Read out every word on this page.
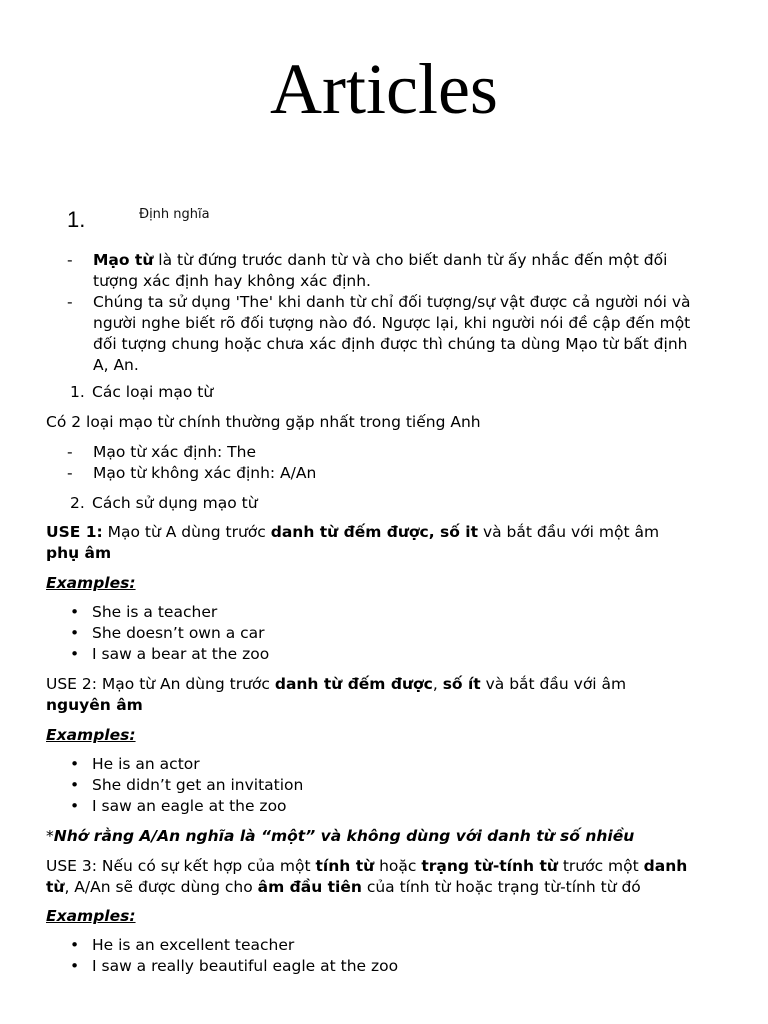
Articles
1.	Định nghĩa
-	Mạo từ là từ đứng trước danh từ và cho biết danh từ ấy nhắc đến một đối
tượng xác định hay không xác định.
-	Chúng ta sử dụng 'The' khi danh từ chỉ đối tượng/sự vật được cả người nói và
người nghe biết rõ đối tượng nào đó. Ngược lại, khi người nói đề cập đến một
đối tượng chung hoặc chưa xác định được thì chúng ta dùng Mạo từ bất định
A, An.
1. Các loại mạo từ
Có 2 loại mạo từ chính thường gặp nhất trong tiếng Anh
-	Mạo từ xác định: The
-	Mạo từ không xác định: A/An
2. Cách sử dụng mạo từ
USE 1: Mạo từ A dùng trước danh từ đếm được, số it và bắt đầu với một âm
phụ âm
Examples:
• She is a teacher
• She doesn’t own a car
• I saw a bear at the zoo
USE 2: Mạo từ An dùng trước danh từ đếm được, số ít và bắt đầu với âm
nguyên âm
Examples:
• He is an actor
• She didn’t get an invitation
• I saw an eagle at the zoo
*Nhớ rằng A/An nghĩa là “một” và không dùng với danh từ số nhiều
USE 3: Nếu có sự kết hợp của một tính từ hoặc trạng từ-tính từ trước một danh
từ, A/An sẽ được dùng cho âm đầu tiên của tính từ hoặc trạng từ-tính từ đó
Examples:
• He is an excellent teacher
• I saw a really beautiful eagle at the zoo
